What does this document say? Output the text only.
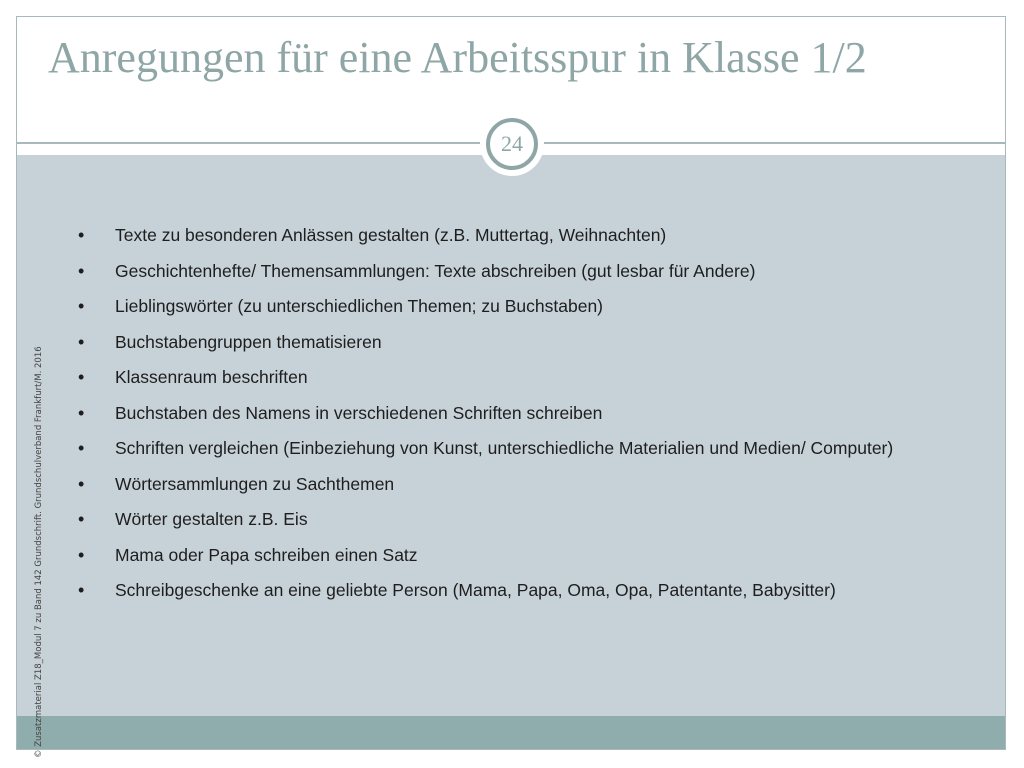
Anregungen für eine Arbeitsspur in Klasse 1/2
24
© Zusatzmaterial Z18_Modul 7 zu Band 142 Grundschrift. Grundschulverband Frankfurt/M. 2016
• Texte zu besonderen Anlässen gestalten (z.B. Muttertag, Weihnachten)
• Geschichtenhefte/ Themensammlungen: Texte abschreiben (gut lesbar für Andere)
• Lieblingswörter (zu unterschiedlichen Themen; zu Buchstaben)
• Buchstabengruppen thematisieren
• Klassenraum beschriften
• Buchstaben des Namens in verschiedenen Schriften schreiben
• Schriften vergleichen (Einbeziehung von Kunst, unterschiedliche Materialien und Medien/ Computer)
• Wörtersammlungen zu Sachthemen
• Wörter gestalten z.B. Eis
• Mama oder Papa schreiben einen Satz
• Schreibgeschenke an eine geliebte Person (Mama, Papa, Oma, Opa, Patentante, Babysitter)
